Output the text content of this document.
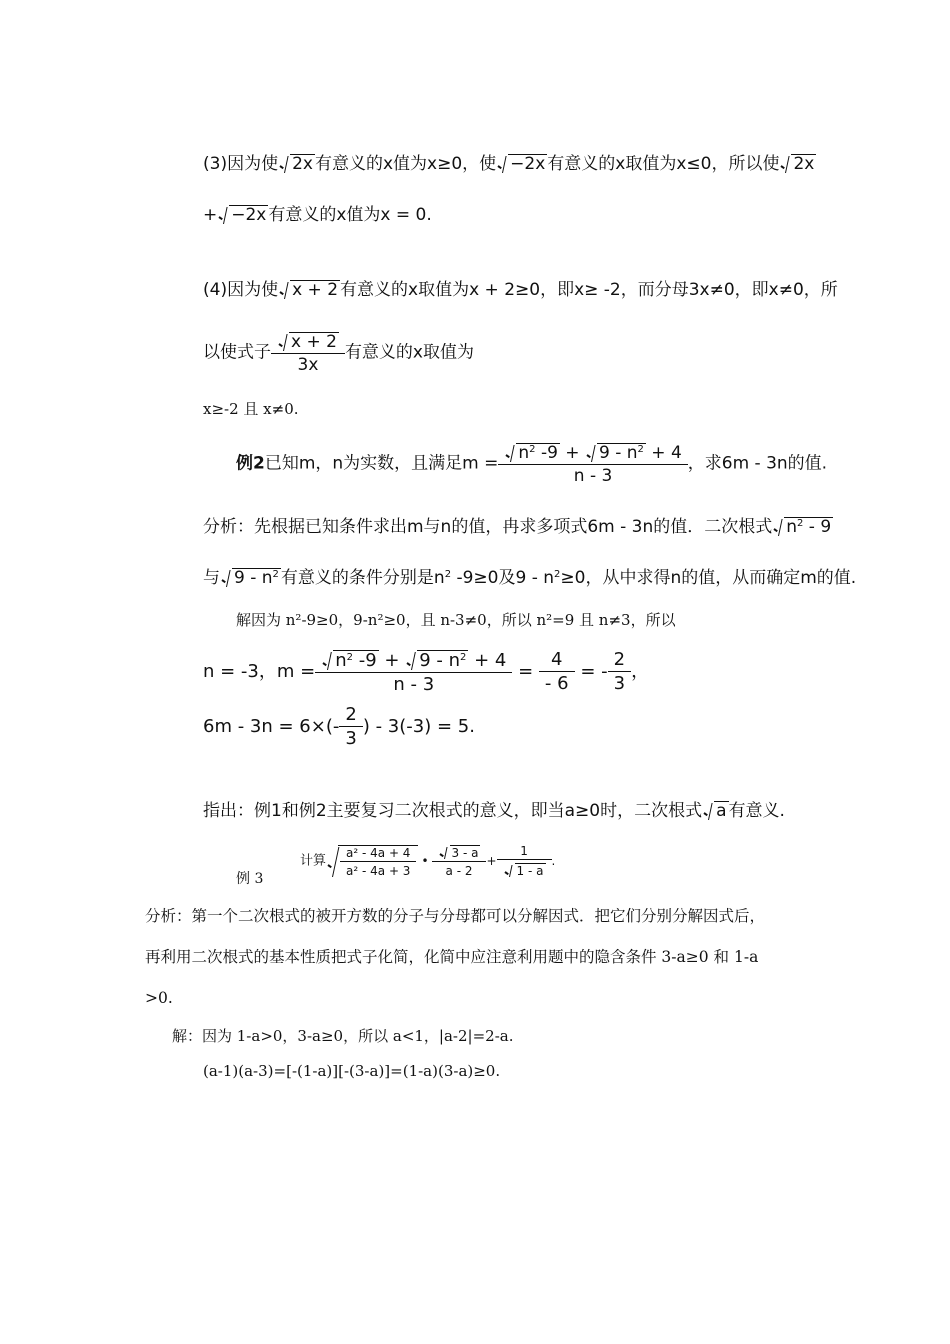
(3)因为使 2x 有意义的x值为x≥0，使 −2x 有意义的x取值为x≤0，所以使 2x
+ −2x 有意义的x值为x = 0.
(4)因为使 x + 2 有意义的x取值为x + 2≥0，即x≥ -2，而分母3x≠0，即x≠0，所
以使式子 $\frac{x + 2}{3x}$ 有意义的x取值为
x≥-2 且 x≠0.
例2已知m，n为实数，且满足$m = \frac{n^2 -9 + 9 - n^2 + 4}{n - 3}$ ，求6m - 3n的值.
分析：先根据已知条件求出m与n的值，冉求多项式6m - 3n的值．二次根式 $n^2 - 9$
与 $9 - n^2$ 有意义的条件分别是$n^2$ -9≥0及$9 - n^2\ge 0$，从中求得n的值，从而确定m的值.
解因为 n²-9≥0，9-n²≥0，且 n-3≠0，所以 n²=9 且 n≠3，所以
n = -3，$m = \frac{n^2 -9 + 9 - n^2 + 4}{n - 3} = \frac{4}{- 6}$ = - $\frac{2}{3}$ ，
$6m - 3n = 6\times(- \frac{2}{3}$ ) - 3(-3) = 5.
指出：例1和例2主要复习二次根式的意义，即当a≥0时，二次根式 a 有意义.
例 3
计算 $\frac{\text{a² - 4a + 4}}{\text{a² - 4a + 3}}$ • $\frac{3 - a}{a - 2} + \frac{1}{1 - a}$ .
分析：第一个二次根式的被开方数的分子与分母都可以分解因式．把它们分别分解因式后，
再利用二次根式的基本性质把式子化简，化简中应注意利用题中的隐含条件 3-a≥0 和 1-a
>0.
解：因为 1-a>0，3-a≥0，所以 a<1，|a-2|=2-a.
(a-1)(a-3)=[-(1-a)][-(3-a)]=(1-a)(3-a)≥0.
